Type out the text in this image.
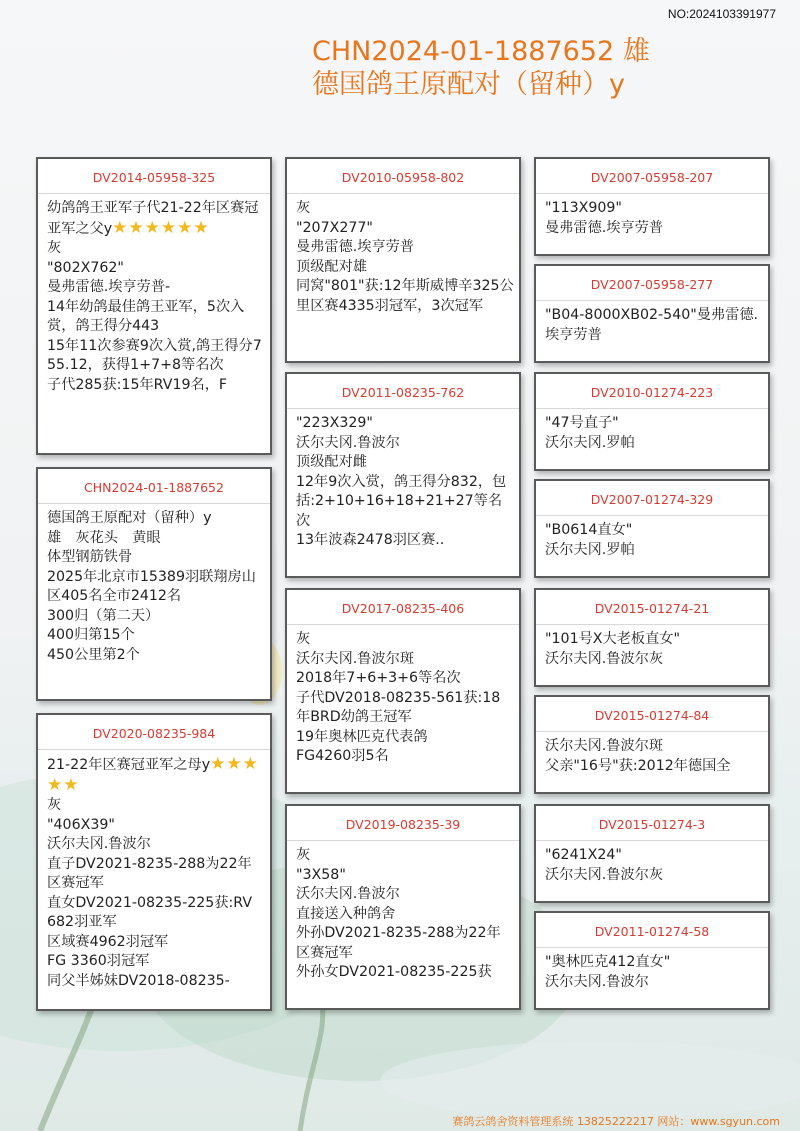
NO:2024103391977
CHN2024-01-1887652 雄
德国鸽王原配对（留种）y
DV2014-05958-325
幼鸽鸽王亚军子代21-22年区赛冠亚军之父y★★★★★★
灰
"802X762"
曼弗雷德.埃亨劳普-
14年幼鸽最佳鸽王亚军，5次入赏，鸽王得分443
15年11次参赛9次入赏,鸽王得分755.12，获得1+7+8等名次
子代285获:15年RV19名，F
CHN2024-01-1887652
德国鸽王原配对（留种）y
雄　灰花头　黄眼
体型钢筋铁骨
2025年北京市15389羽联翔房山区405名全市2412名
300归（第二天）
400归第15个
450公里第2个
DV2020-08235-984
21-22年区赛冠亚军之母y★★★★★
灰
"406X39"
沃尔夫冈.鲁波尔
直子DV2021-8235-288为22年区赛冠军
直女DV2021-08235-225获:RV 682羽亚军
区域赛4962羽冠军
FG 3360羽冠军
同父半姊妹DV2018-08235-
DV2010-05958-802
灰
"207X277"
曼弗雷德.埃亨劳普
顶级配对雄
同窝"801"获:12年斯威博辛325公里区赛4335羽冠军，3次冠军
DV2011-08235-762
"223X329"
沃尔夫冈.鲁波尔
顶级配对雌
12年9次入赏，鸽王得分832，包括:2+10+16+18+21+27等名次
13年波森2478羽区赛..
DV2017-08235-406
灰
沃尔夫冈.鲁波尔斑
2018年7+6+3+6等名次
子代DV2018-08235-561获:18年BRD幼鸽王冠军
19年奥林匹克代表鸽
FG4260羽5名
DV2019-08235-39
灰
"3X58"
沃尔夫冈.鲁波尔
直接送入种鸽舍
外孙DV2021-8235-288为22年区赛冠军
外孙女DV2021-08235-225获
DV2007-05958-207
"113X909"
曼弗雷德.埃亨劳普
DV2007-05958-277
"B04-8000XB02-540"曼弗雷德.埃亨劳普
DV2010-01274-223
"47号直子"
沃尔夫冈.罗帕
DV2007-01274-329
"B0614直女"
沃尔夫冈.罗帕
DV2015-01274-21
"101号X大老板直女"
沃尔夫冈.鲁波尔灰
DV2015-01274-84
沃尔夫冈.鲁波尔斑
父亲"16号"获:2012年德国全
DV2015-01274-3
"6241X24"
沃尔夫冈.鲁波尔灰
DV2011-01274-58
"奥林匹克412直女"
沃尔夫冈.鲁波尔
赛鸽云鸽舍资料管理系统 13825222217 网站：www.sgyun.com
